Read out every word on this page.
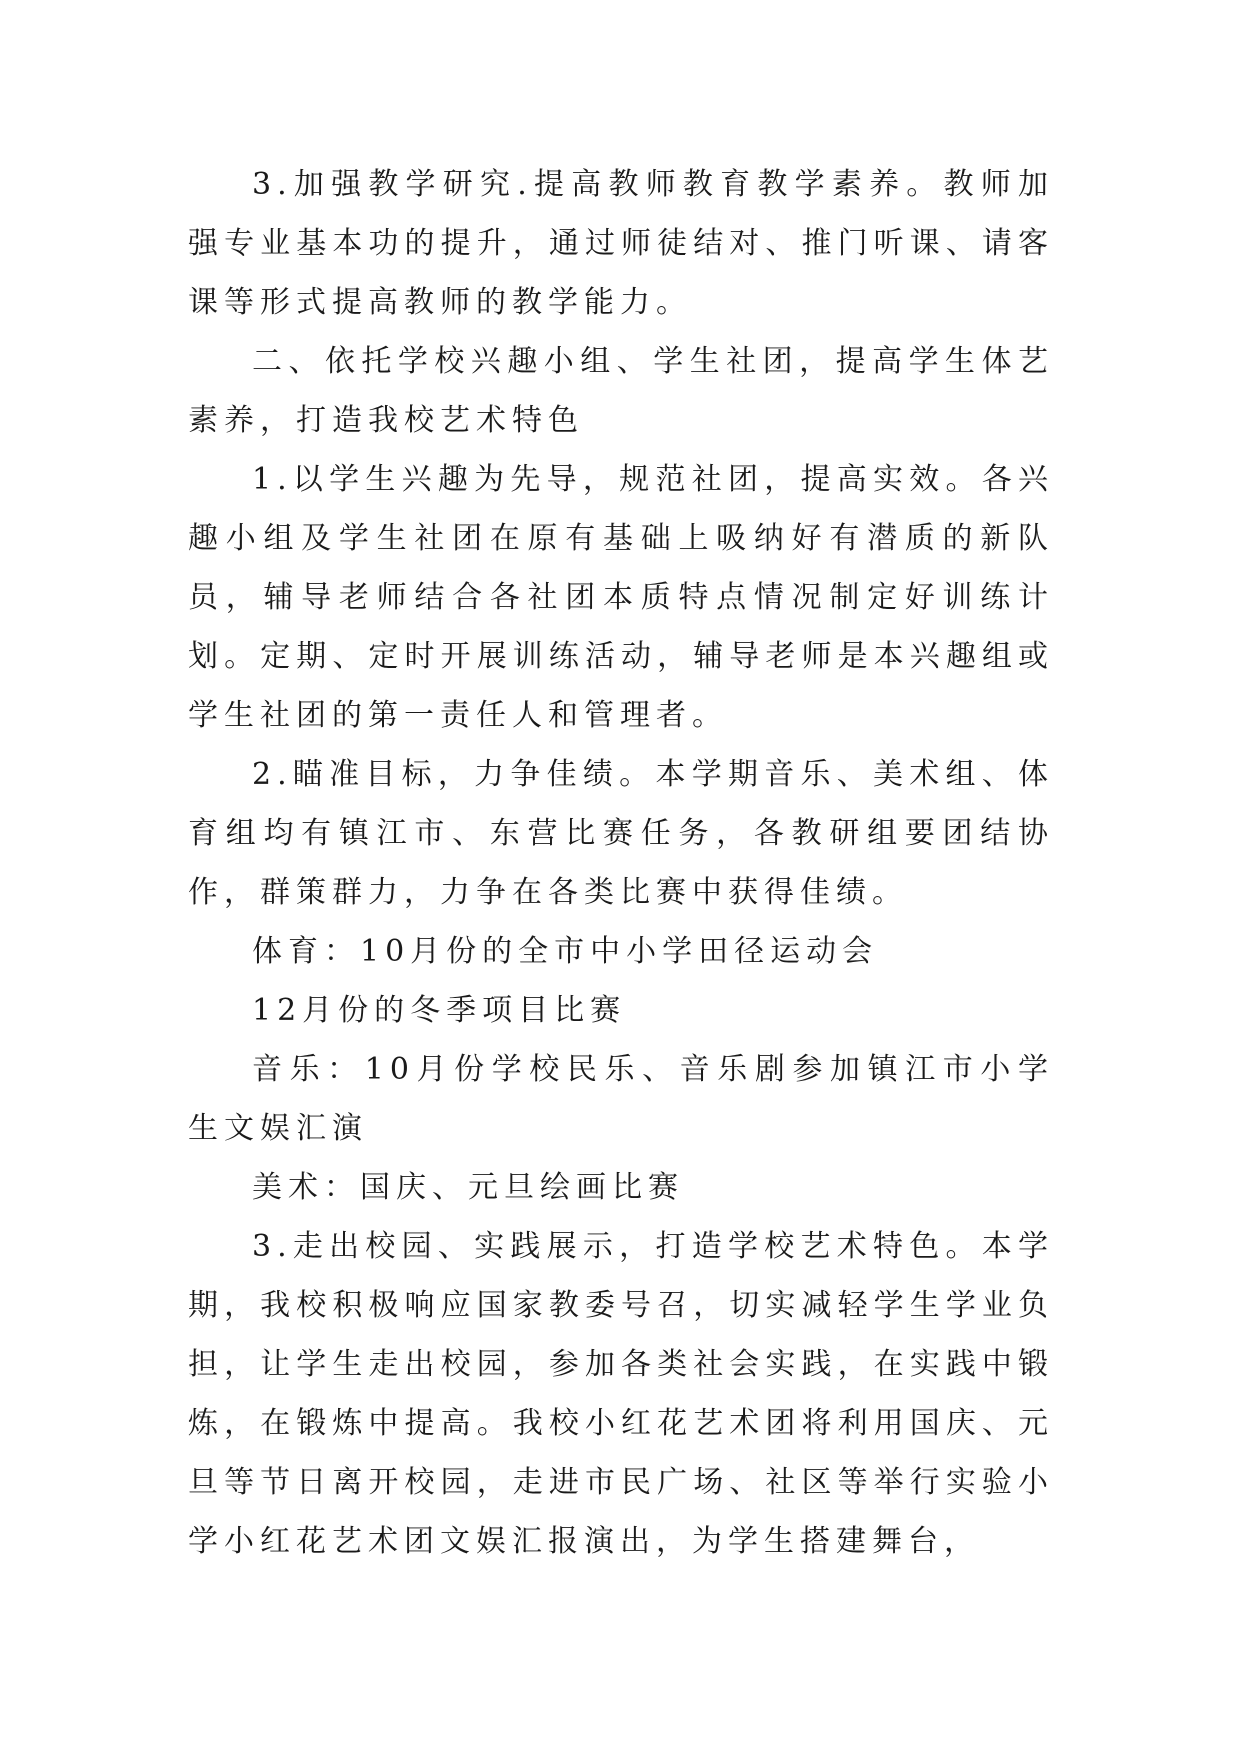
3.加强教学研究.提高教师教育教学素养。教师加强专业基本功的提升，通过师徒结对、推门听课、请客课等形式提高教师的教学能力。

二、依托学校兴趣小组、学生社团，提高学生体艺素养，打造我校艺术特色

1.以学生兴趣为先导，规范社团，提高实效。各兴趣小组及学生社团在原有基础上吸纳好有潜质的新队员，辅导老师结合各社团本质特点情况制定好训练计划。定期、定时开展训练活动，辅导老师是本兴趣组或学生社团的第一责任人和管理者。

2.瞄准目标，力争佳绩。本学期音乐、美术组、体育组均有镇江市、东营比赛任务，各教研组要团结协作，群策群力，力争在各类比赛中获得佳绩。

体育：10月份的全市中小学田径运动会

12月份的冬季项目比赛

音乐：10月份学校民乐、音乐剧参加镇江市小学生文娱汇演

美术：国庆、元旦绘画比赛

3.走出校园、实践展示，打造学校艺术特色。本学期，我校积极响应国家教委号召，切实减轻学生学业负担，让学生走出校园，参加各类社会实践，在实践中锻炼，在锻炼中提高。我校小红花艺术团将利用国庆、元旦等节日离开校园，走进市民广场、社区等举行实验小学小红花艺术团文娱汇报演出，为学生搭建舞台，
